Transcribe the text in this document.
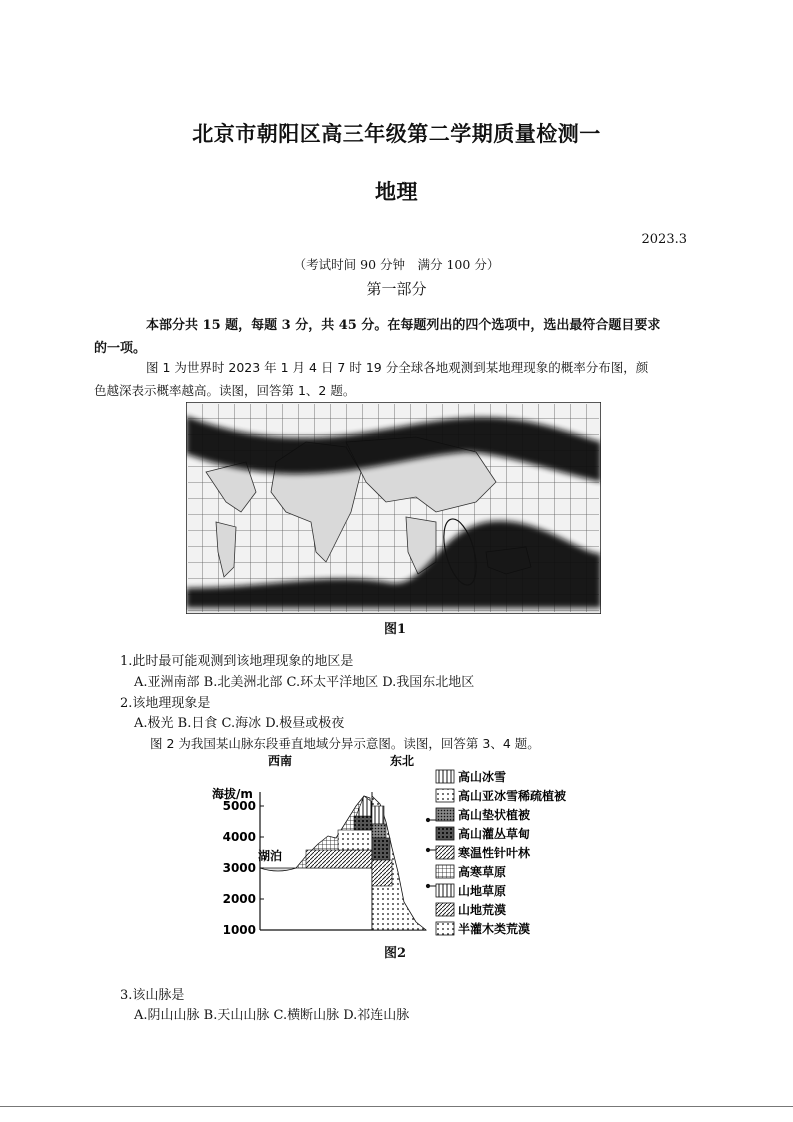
北京市朝阳区高三年级第二学期质量检测一
地理
2023.3
（考试时间 90 分钟　满分 100 分）
第一部分
本部分共 15 题，每题 3 分，共 45 分。在每题列出的四个选项中，选出最符合题目要求
的一项。
图 1 为世界时 2023 年 1 月 4 日 7 时 19 分全球各地观测到某地理现象的概率分布图，颜
色越深表示概率越高。读图，回答第 1、2 题。
图1
1.此时最可能观测到该地理现象的地区是
A.亚洲南部 B.北美洲北部 C.环太平洋地区 D.我国东北地区
2.该地理现象是
A.极光 B.日食 C.海冰 D.极昼或极夜
图 2 为我国某山脉东段垂直地域分异示意图。读图，回答第 3、4 题。
西南	东北
海拔/m
5000
4000
3000
2000
1000
湖泊
高山冰雪
高山亚冰雪稀疏植被
高山垫状植被
高山灌丛草甸
寒温性针叶林
高寒草原
山地草原
山地荒漠
半灌木类荒漠
图2
3.该山脉是
A.阴山山脉 B.天山山脉 C.横断山脉 D.祁连山脉
